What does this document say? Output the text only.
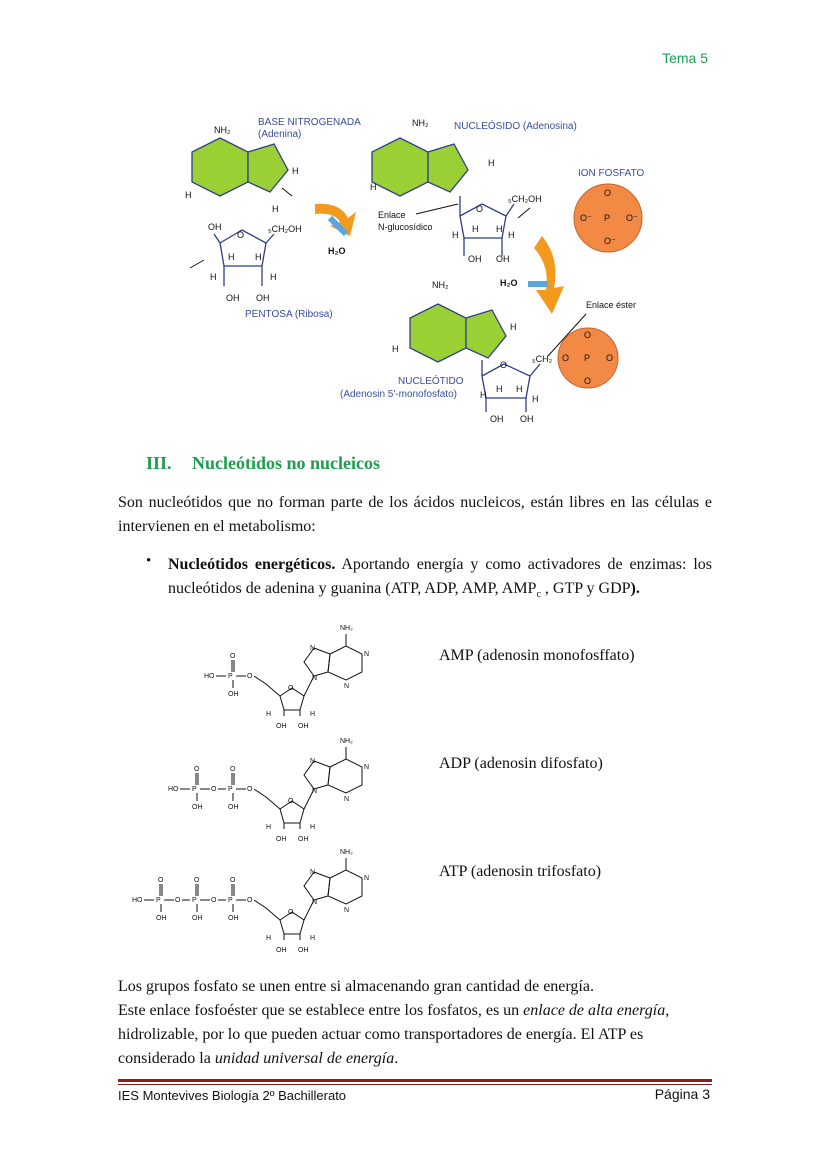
Tema 5
NH₂
H
H
H
BASE NITROGENADA
(Adenina)
OH
O
₅CH₂OH
H H
H	H
OH OH
PENTOSA (Ribosa)
H₂O
NH₂
H
H
O
₅CH₂OH
H
H H
H
OH OH
NUCLEÓSIDO (Adenosina)
Enlace
N-glucosídico
ION FOSFATO
P
O
O⁻	O⁻
O⁻
H₂O
Enlace éster
NH₂
H
H
O
₅CH₂
H
H H
H
OH OH
P
O
O	O
O
NUCLEÓTIDO
(Adenosin 5'-monofosfato)
III. Nucleótidos no nucleicos
Son nucleótidos que no forman parte de los ácidos nucleicos, están libres en las células e intervienen en el metabolismo:
• Nucleótidos energéticos. Aportando energía y como activadores de enzimas: los nucleótidos de adenina y guanina (ATP, ADP, AMP, $AMP_c$ , GTP y GDP).
HO P
O
OH
O
O
H	H
OH OH
NH₂
N
N
N
N
AMP (adenosin monofosffato)
HO P
O
OH
O P
O
OH
O
O
H	H
OH OH
NH₂
N
N
N
N
ADP (adenosin difosfato)
HO P
O
OH
O P
O
OH
O P
O
OH
O
O
H	H
OH OH
NH₂
N
N
N
N
ATP (adenosin trifosfato)
Los grupos fosfato se unen entre si almacenando gran cantidad de energía.
Este enlace fosfoéster que se establece entre los fosfatos, es un enlace de alta energía,
hidrolizable, por lo que pueden actuar como transportadores de energía. El ATP es
considerado la unidad universal de energía.
IES Montevives Biología 2º Bachillerato	Página 3
